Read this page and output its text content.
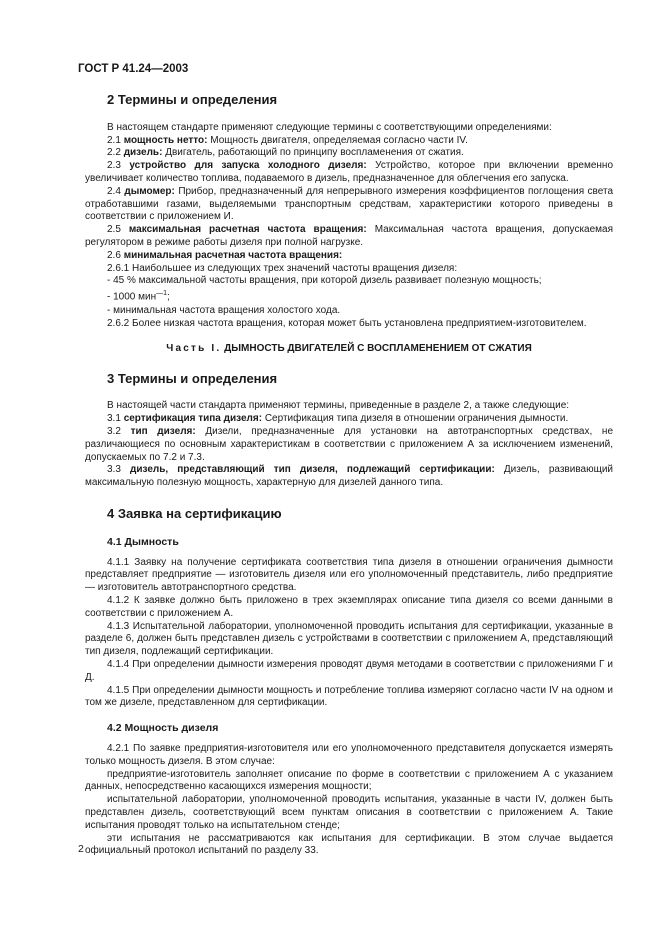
ГОСТ Р 41.24—2003
2 Термины и определения

В настоящем стандарте применяют следующие термины с соответствующими определениями:

2.1 мощность нетто: Мощность двигателя, определяемая согласно части IV.

2.2 дизель: Двигатель, работающий по принципу воспламенения от сжатия.

2.3 устройство для запуска холодного дизеля: Устройство, которое при включении временно увеличивает количество топлива, подаваемого в дизель, предназначенное для облегчения его запуска.

2.4 дымомер: Прибор, предназначенный для непрерывного измерения коэффициентов поглощения света отработавшими газами, выделяемыми транспортным средствам, характеристики которого приведены в соответствии с приложением И.

2.5 максимальная расчетная частота вращения: Максимальная частота вращения, допускаемая регулятором в режиме работы дизеля при полной нагрузке.

2.6 минимальная расчетная частота вращения:

2.6.1 Наибольшее из следующих трех значений частоты вращения дизеля:

- 45 % максимальной частоты вращения, при которой дизель развивает полезную мощность;

- 1000 мин$^{—1}$;

- минимальная частота вращения холостого хода.

2.6.2 Более низкая частота вращения, которая может быть установлена предприятием-изготовителем.

Часть I. ДЫМНОСТЬ ДВИГАТЕЛЕЙ С ВОСПЛАМЕНЕНИЕМ ОТ СЖАТИЯ
3 Термины и определения

В настоящей части стандарта применяют термины, приведенные в разделе 2, а также следующие:

3.1 сертификация типа дизеля: Сертификация типа дизеля в отношении ограничения дымности.

3.2 тип дизеля: Дизели, предназначенные для установки на автотранспортных средствах, не различающиеся по основным характеристикам в соответствии с приложением А за исключением изменений, допускаемых по 7.2 и 7.3.

3.3 дизель, представляющий тип дизеля, подлежащий сертификации: Дизель, развивающий максимальную полезную мощность, характерную для дизелей данного типа.

4 Заявка на сертификацию
4.1 Дымность

4.1.1 Заявку на получение сертификата соответствия типа дизеля в отношении ограничения дымности представляет предприятие — изготовитель дизеля или его уполномоченный представитель, либо предприятие — изготовитель автотранспортного средства.

4.1.2 К заявке должно быть приложено в трех экземплярах описание типа дизеля со всеми данными в соответствии с приложением А.

4.1.3 Испытательной лаборатории, уполномоченной проводить испытания для сертификации, указанные в разделе 6, должен быть представлен дизель с устройствами в соответствии с приложением А, представляющий тип дизеля, подлежащий сертификации.

4.1.4 При определении дымности измерения проводят двумя методами в соответствии с приложениями Г и Д.

4.1.5 При определении дымности мощность и потребление топлива измеряют согласно части IV на одном и том же дизеле, представленном для сертификации.

4.2 Мощность дизеля

4.2.1 По заявке предприятия-изготовителя или его уполномоченного представителя допускается измерять только мощность дизеля. В этом случае:

предприятие-изготовитель заполняет описание по форме в соответствии с приложением А с указанием данных, непосредственно касающихся измерения мощности;

испытательной лаборатории, уполномоченной проводить испытания, указанные в части IV, должен быть представлен дизель, соответствующий всем пунктам описания в соответствии с приложением А. Такие испытания проводят только на испытательном стенде;

эти испытания не рассматриваются как испытания для сертификации. В этом случае выдается официальный протокол испытаний по разделу 33.

2
